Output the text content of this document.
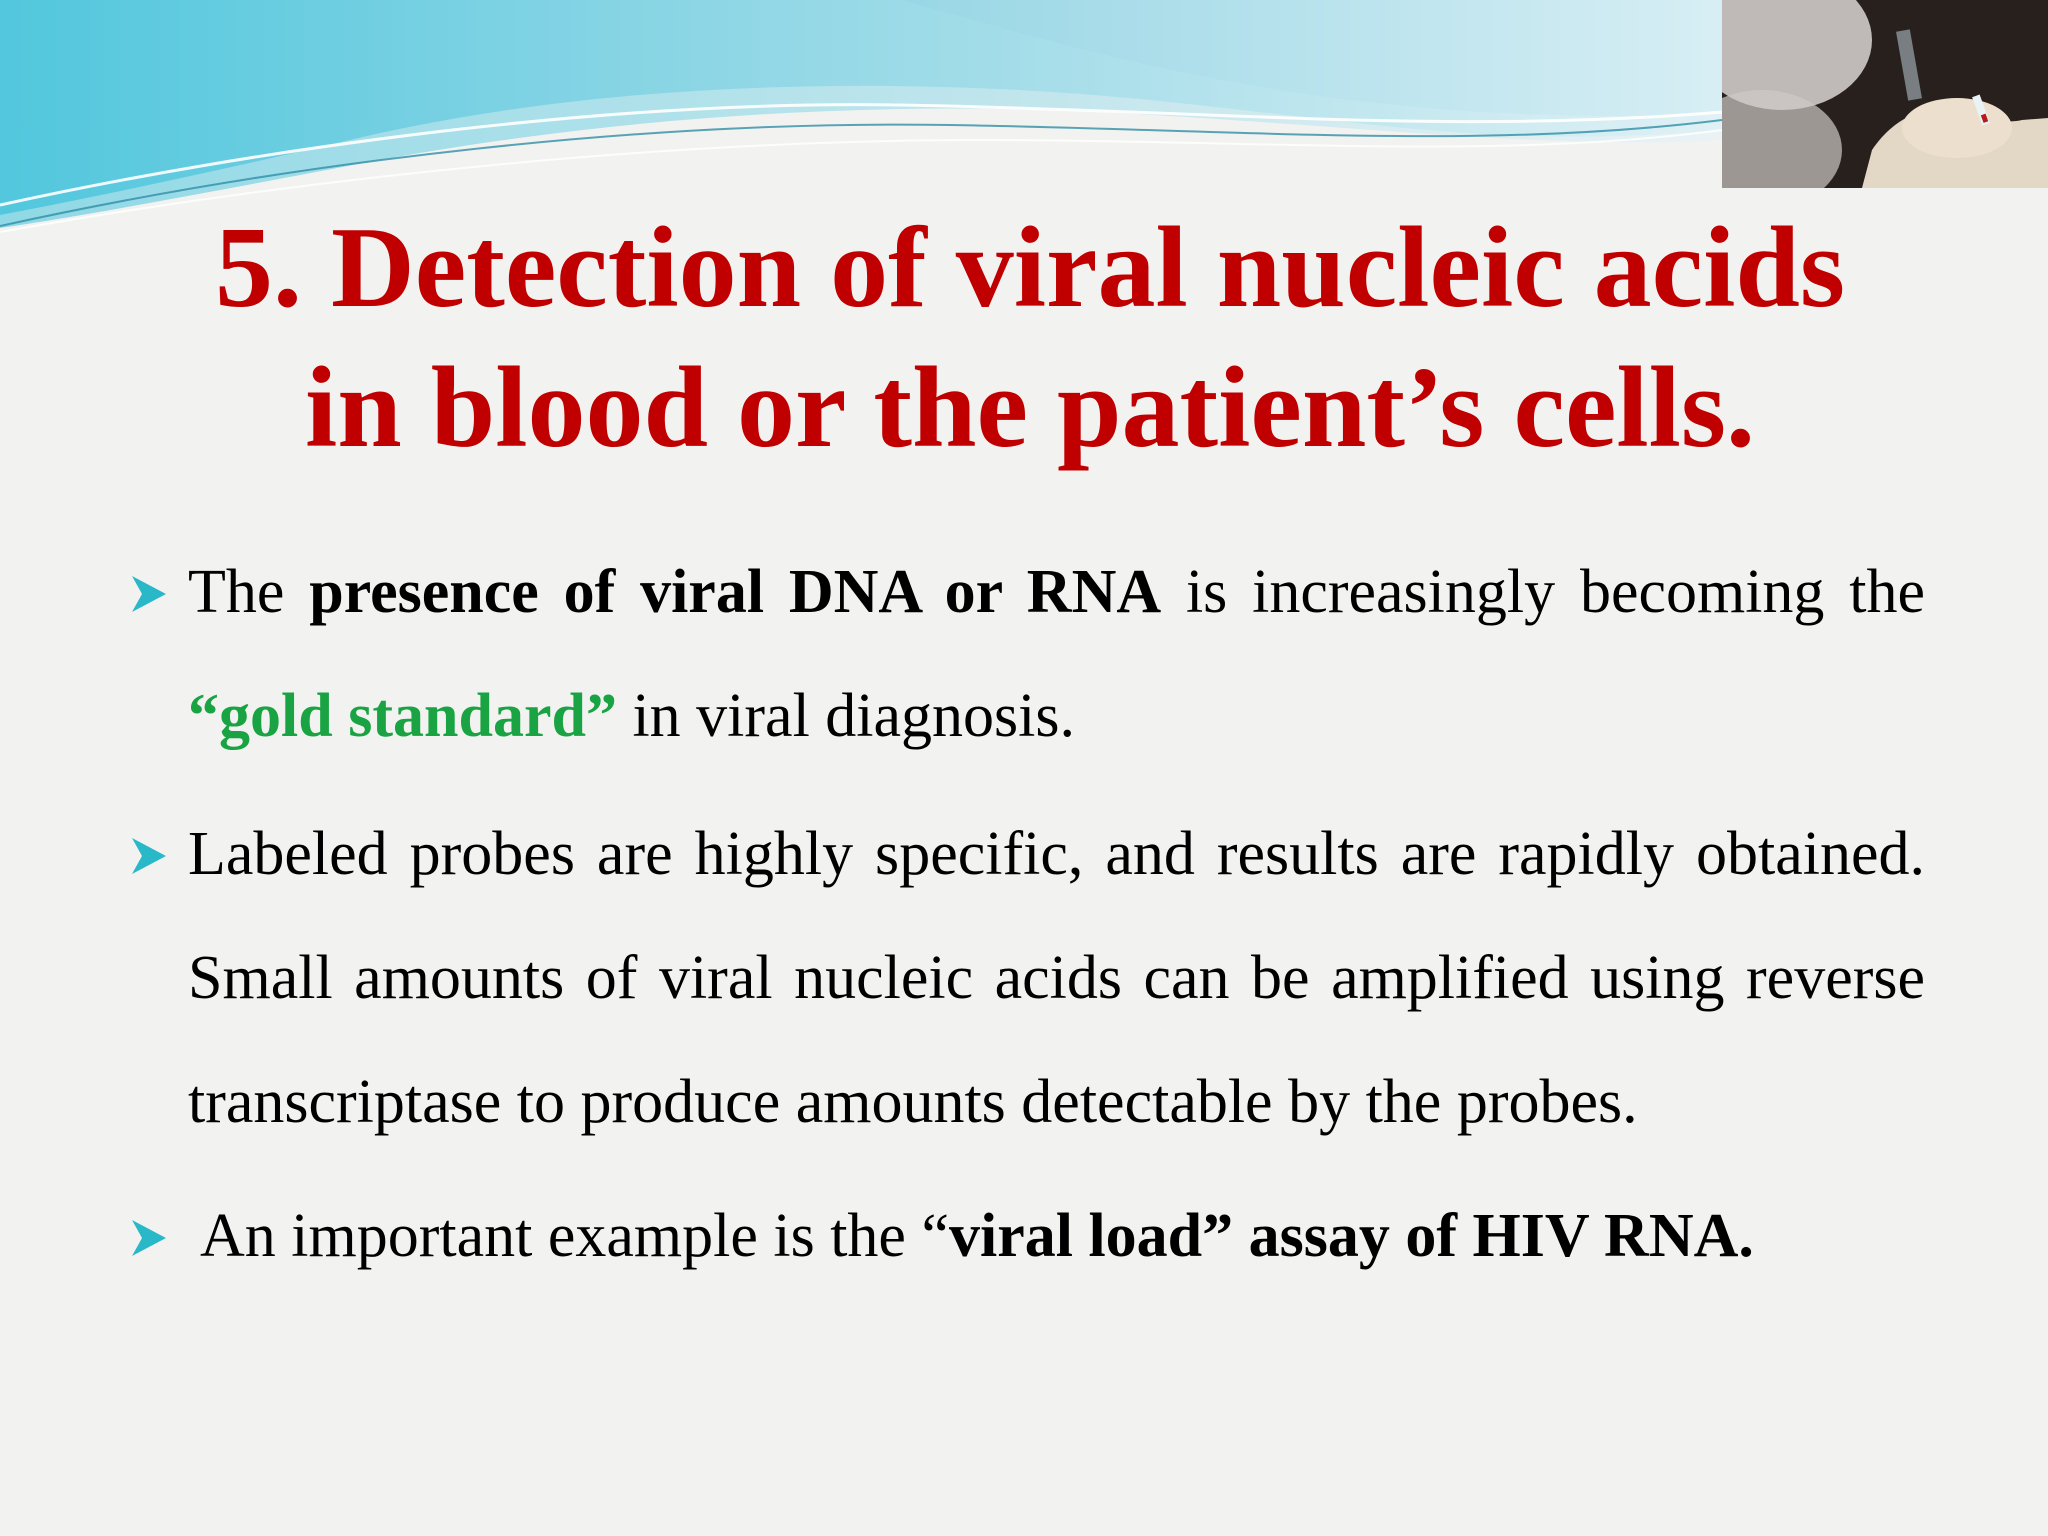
5. Detection of viral nucleic acids
in blood or the patient’s cells.
The presence of viral DNA or RNA is increasingly becoming the “gold standard” in viral diagnosis.
Labeled probes are highly specific, and results are rapidly obtained. Small amounts of viral nucleic acids can be amplified using reverse transcriptase to produce amounts detectable by the probes.
An important example is the “viral load” assay of HIV RNA.
